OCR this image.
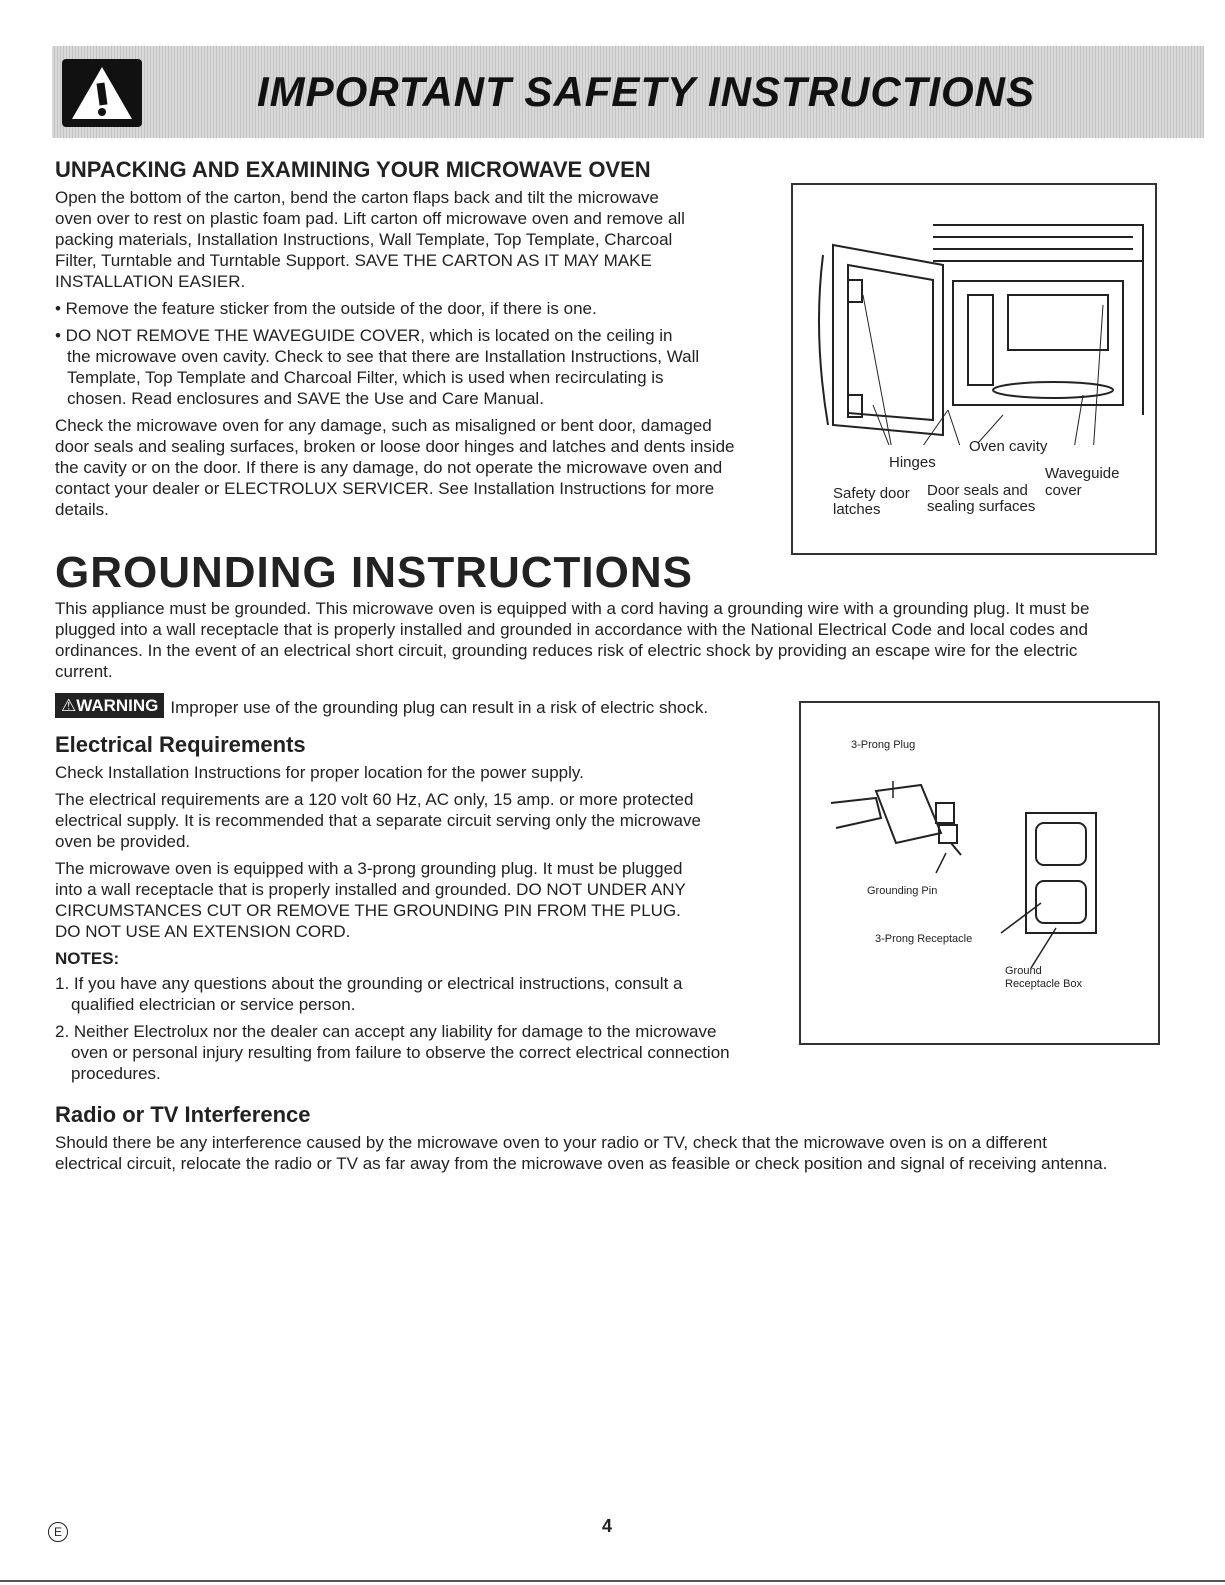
IMPORTANT SAFETY INSTRUCTIONS
UNPACKING AND EXAMINING YOUR MICROWAVE OVEN

Open the bottom of the carton, bend the carton flaps back and tilt the microwave
oven over to rest on plastic foam pad. Lift carton off microwave oven and remove all
packing materials, Installation Instructions, Wall Template, Top Template, Charcoal
Filter, Turntable and Turntable Support. SAVE THE CARTON AS IT MAY MAKE
INSTALLATION EASIER.

• Remove the feature sticker from the outside of the door, if there is one.

• DO NOT REMOVE THE WAVEGUIDE COVER, which is located on the ceiling in
the microwave oven cavity. Check to see that there are Installation Instructions, Wall
Template, Top Template and Charcoal Filter, which is used when recirculating is
chosen. Read enclosures and SAVE the Use and Care Manual.

Check the microwave oven for any damage, such as misaligned or bent door, damaged
door seals and sealing surfaces, broken or loose door hinges and latches and dents inside
the cavity or on the door. If there is any damage, do not operate the microwave oven and
contact your dealer or ELECTROLUX SERVICER. See Installation Instructions for more
details.

Hinges
Oven cavity
Waveguide
cover
Safety door
latches
Door seals and
sealing surfaces
GROUNDING INSTRUCTIONS

This appliance must be grounded. This microwave oven is equipped with a cord having a grounding wire with a grounding plug. It must be
plugged into a wall receptacle that is properly installed and grounded in accordance with the National Electrical Code and local codes and
ordinances. In the event of an electrical short circuit, grounding reduces risk of electric shock by providing an escape wire for the electric
current.

⚠WARNING Improper use of the grounding plug can result in a risk of electric shock.
Electrical Requirements

Check Installation Instructions for proper location for the power supply.

The electrical requirements are a 120 volt 60 Hz, AC only, 15 amp. or more protected
electrical supply. It is recommended that a separate circuit serving only the microwave
oven be provided.

The microwave oven is equipped with a 3-prong grounding plug. It must be plugged
into a wall receptacle that is properly installed and grounded. DO NOT UNDER ANY
CIRCUMSTANCES CUT OR REMOVE THE GROUNDING PIN FROM THE PLUG.
DO NOT USE AN EXTENSION CORD.

NOTES:

1. If you have any questions about the grounding or electrical instructions, consult a
qualified electrician or service person.

2. Neither Electrolux nor the dealer can accept any liability for damage to the microwave
oven or personal injury resulting from failure to observe the correct electrical connection
procedures.

3-Prong Plug
Grounding Pin
3-Prong Receptacle
Ground
Receptacle Box
Radio or TV Interference

Should there be any interference caused by the microwave oven to your radio or TV, check that the microwave oven is on a different
electrical circuit, relocate the radio or TV as far away from the microwave oven as feasible or check position and signal of receiving antenna.

E	4
